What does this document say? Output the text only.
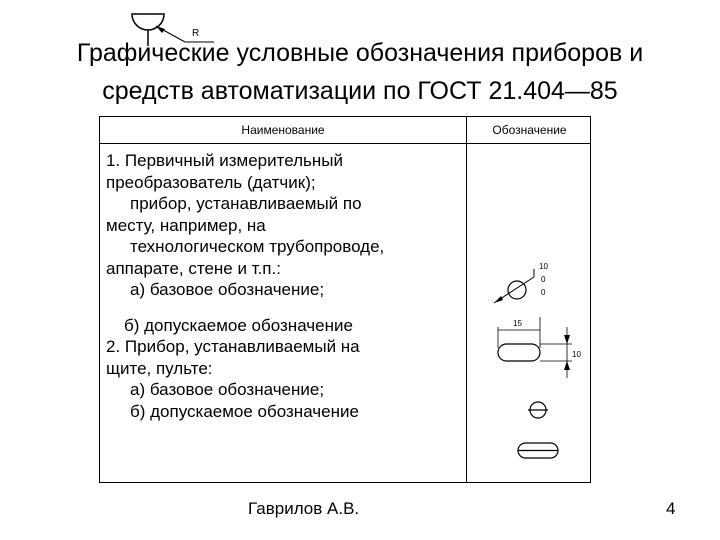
Графические условные обозначения приборов и
средств автоматизации по ГОСТ 21.404—85
R
Наименование	Обозначение
1. Первичный измерительный
преобразователь (датчик);
прибор, устанавливаемый по
месту, например, на
технологическом трубопроводе,
аппарате, стене и т.п.:
а) базовое обозначение;
б) допускаемое обозначение
2. Прибор, устанавливаемый на
щите, пульте:
а) базовое обозначение;
б) допускаемое обозначение
10
0
0
15
10
Гаврилов А.В.	4
